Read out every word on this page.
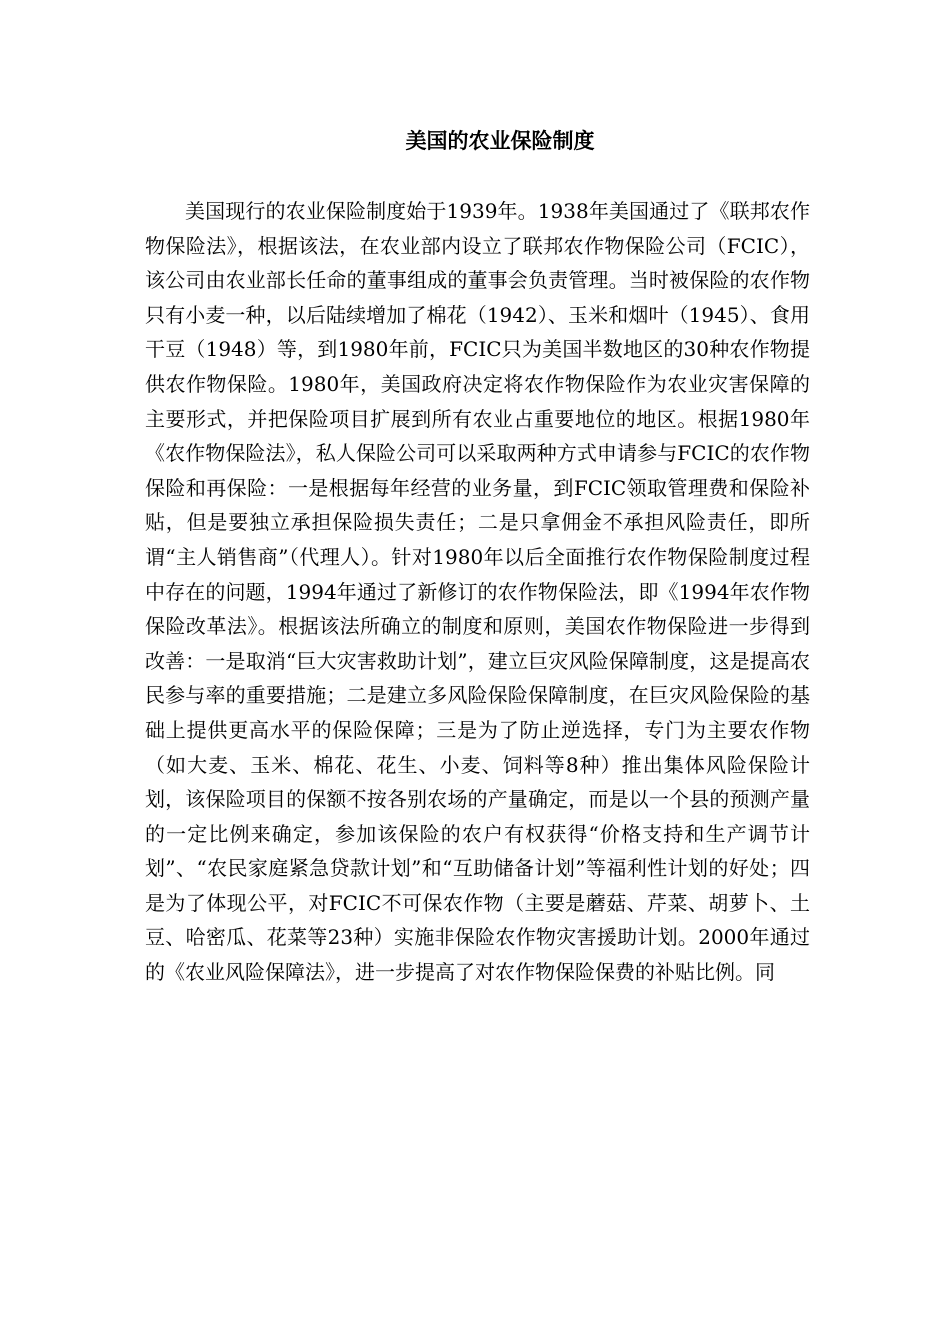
美国的农业保险制度

美国现行的农业保险制度始于1939年。1938年美国通过了《联邦农作物保险法》，根据该法，在农业部内设立了联邦农作物保险公司（FCIC），该公司由农业部长任命的董事组成的董事会负责管理。当时被保险的农作物只有小麦一种，以后陆续增加了棉花（1942）、玉米和烟叶（1945）、食用干豆（1948）等，到1980年前，FCIC只为美国半数地区的30种农作物提供农作物保险。1980年，美国政府决定将农作物保险作为农业灾害保障的主要形式，并把保险项目扩展到所有农业占重要地位的地区。根据1980年《农作物保险法》，私人保险公司可以采取两种方式申请参与FCIC的农作物保险和再保险：一是根据每年经营的业务量，到FCIC领取管理费和保险补贴，但是要独立承担保险损失责任；二是只拿佣金不承担风险责任，即所谓“主人销售商”（代理人）。针对1980年以后全面推行农作物保险制度过程中存在的问题，1994年通过了新修订的农作物保险法，即《1994年农作物保险改革法》。根据该法所确立的制度和原则，美国农作物保险进一步得到改善：一是取消“巨大灾害救助计划”，建立巨灾风险保障制度，这是提高农民参与率的重要措施；二是建立多风险保险保障制度，在巨灾风险保险的基础上提供更高水平的保险保障；三是为了防止逆选择，专门为主要农作物（如大麦、玉米、棉花、花生、小麦、饲料等8种）推出集体风险保险计划，该保险项目的保额不按各别农场的产量确定，而是以一个县的预测产量的一定比例来确定，参加该保险的农户有权获得“价格支持和生产调节计划”、“农民家庭紧急贷款计划”和“互助储备计划”等福利性计划的好处；四是为了体现公平，对FCIC不可保农作物（主要是蘑菇、芹菜、胡萝卜、土豆、哈密瓜、花菜等23种）实施非保险农作物灾害援助计划。2000年通过的《农业风险保障法》，进一步提高了对农作物保险保费的补贴比例。同
